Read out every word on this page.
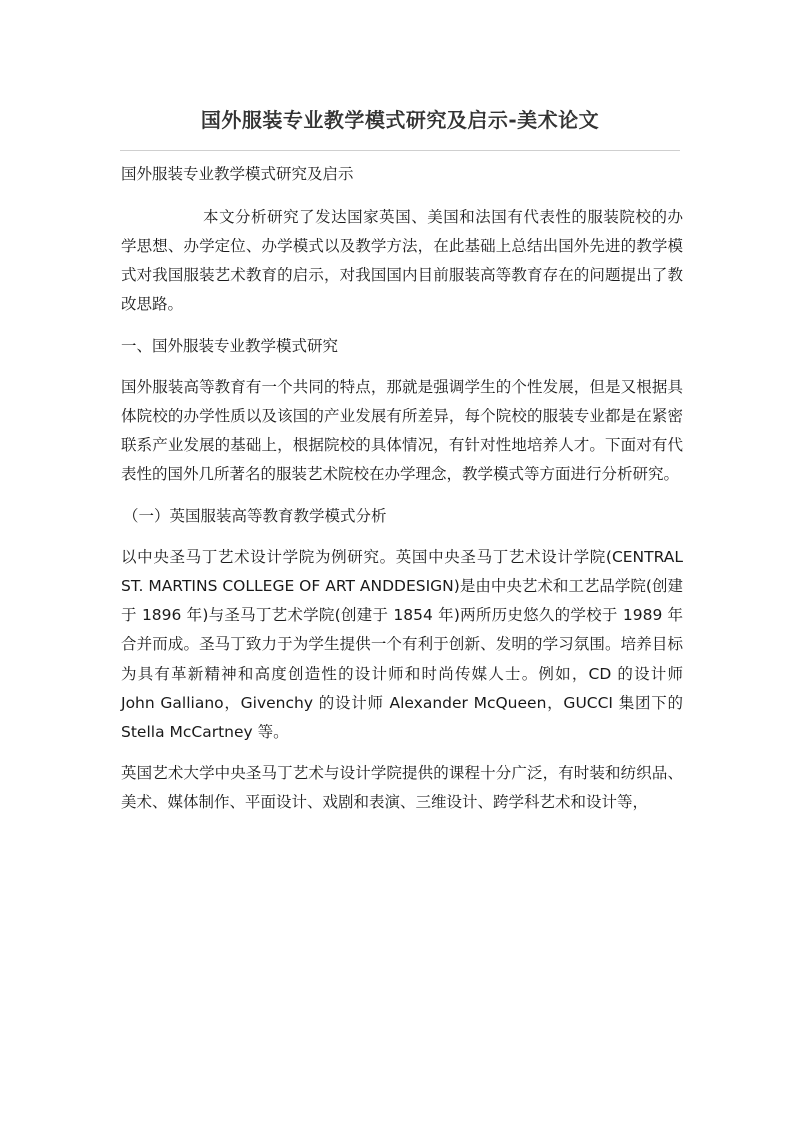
国外服装专业教学模式研究及启示-美术论文

国外服装专业教学模式研究及启示

本文分析研究了发达国家英国、美国和法国有代表性的服装院校的办学思想、办学定位、办学模式以及教学方法，在此基础上总结出国外先进的教学模式对我国服装艺术教育的启示，对我国国内目前服装高等教育存在的问题提出了教改思路。

一、国外服装专业教学模式研究

国外服装高等教育有一个共同的特点，那就是强调学生的个性发展，但是又根据具体院校的办学性质以及该国的产业发展有所差异，每个院校的服装专业都是在紧密联系产业发展的基础上，根据院校的具体情况，有针对性地培养人才。下面对有代表性的国外几所著名的服装艺术院校在办学理念，教学模式等方面进行分析研究。

（一）英国服装高等教育教学模式分析

以中央圣马丁艺术设计学院为例研究。英国中央圣马丁艺术设计学院(CENTRAL ST. MARTINS COLLEGE OF ART ANDDESIGN)是由中央艺术和工艺品学院(创建于 1896 年)与圣马丁艺术学院(创建于 1854 年)两所历史悠久的学校于 1989 年合并而成。圣马丁致力于为学生提供一个有利于创新、发明的学习氛围。培养目标为具有革新精神和高度创造性的设计师和时尚传媒人士。例如，CD 的设计师 John Galliano，Givenchy 的设计师 Alexander McQueen，GUCCI 集团下的 Stella McCartney 等。

英国艺术大学中央圣马丁艺术与设计学院提供的课程十分广泛，有时装和纺织品、美术、媒体制作、平面设计、戏剧和表演、三维设计、跨学科艺术和设计等，
